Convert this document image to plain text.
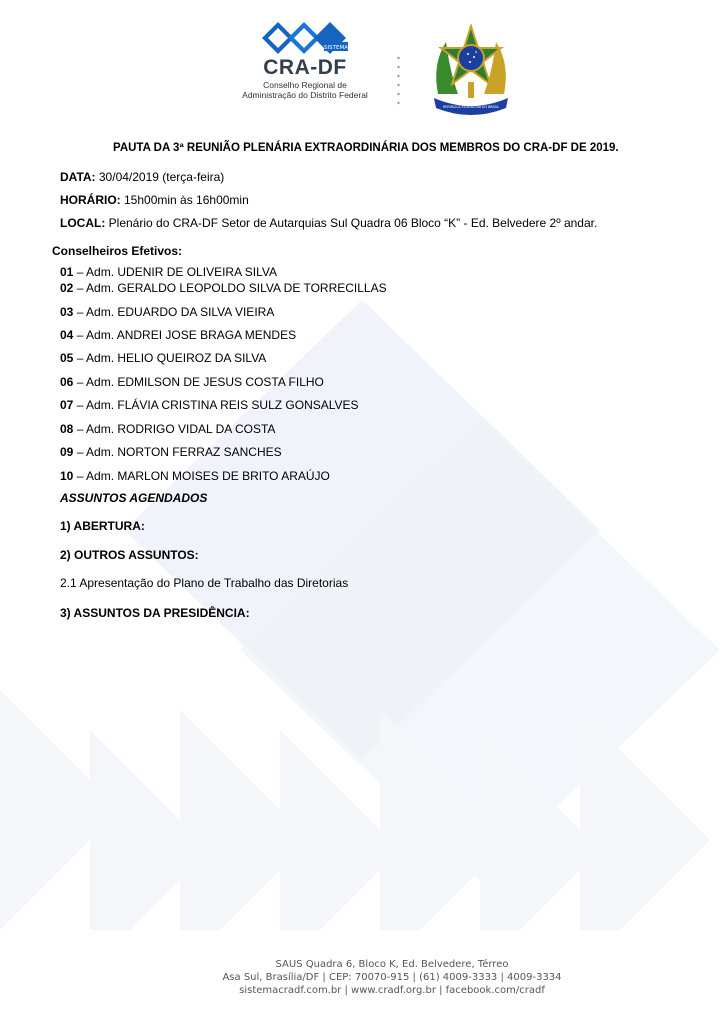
SISTEMA
CRA-DF
Conselho Regional de
Administração do Distrito Federal
REPUBLICA FEDERATIVA DO BRASIL
PAUTA DA 3ª REUNIÃO PLENÁRIA EXTRAORDINÁRIA DOS MEMBROS DO CRA-DF DE 2019.
DATA: 30/04/2019 (terça-feira)
HORÁRIO: 15h00min às 16h00min
LOCAL: Plenário do CRA-DF Setor de Autarquias Sul Quadra 06 Bloco “K” - Ed. Belvedere 2º andar.
Conselheiros Efetivos:
01 – Adm. UDENIR DE OLIVEIRA SILVA
02 – Adm. GERALDO LEOPOLDO SILVA DE TORRECILLAS
03 – Adm. EDUARDO DA SILVA VIEIRA
04 – Adm. ANDREI JOSE BRAGA MENDES
05 – Adm. HELIO QUEIROZ DA SILVA
06 – Adm. EDMILSON DE JESUS COSTA FILHO
07 – Adm. FLÁVIA CRISTINA REIS SULZ GONSALVES
08 – Adm. RODRIGO VIDAL DA COSTA
09 – Adm. NORTON FERRAZ SANCHES
10 – Adm. MARLON MOISES DE BRITO ARAÚJO
ASSUNTOS AGENDADOS
1) ABERTURA:
2) OUTROS ASSUNTOS:
2.1 Apresentação do Plano de Trabalho das Diretorias
3) ASSUNTOS DA PRESIDÊNCIA:
SAUS Quadra 6, Bloco K, Ed. Belvedere, Térreo
Asa Sul, Brasília/DF | CEP: 70070-915 | (61) 4009-3333 | 4009-3334
sistemacradf.com.br | www.cradf.org.br | facebook.com/cradf
